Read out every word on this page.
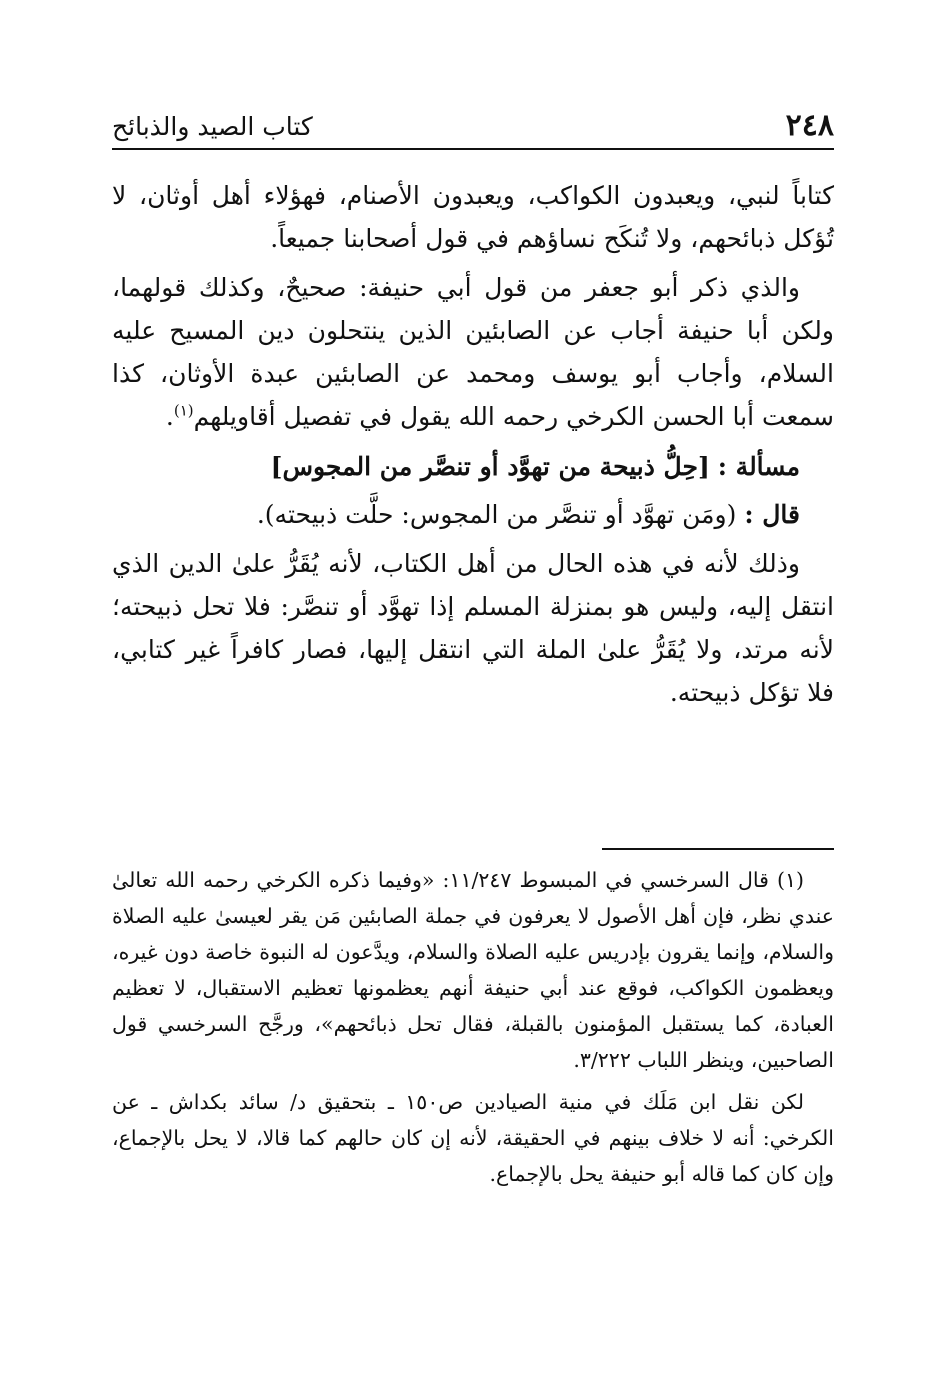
٢٤٨
كتاب الصيد والذبائح

كتاباً لنبي، ويعبدون الكواكب، ويعبدون الأصنام، فهؤلاء أهل أوثان، لا تُؤكل ذبائحهم، ولا تُنكَح نساؤهم في قول أصحابنا جميعاً.

والذي ذكر أبو جعفر من قول أبي حنيفة: صحيحٌ، وكذلك قولهما، ولكن أبا حنيفة أجاب عن الصابئين الذين ينتحلون دين المسيح عليه السلام، وأجاب أبو يوسف ومحمد عن الصابئين عبدة الأوثان، كذا سمعت أبا الحسن الكرخي رحمه الله يقول في تفصيل أقاويلهم$^{(١)}$.

مسألة : [حِلُّ ذبيحة من تهوَّد أو تنصَّر من المجوس]

قال : (ومَن تهوَّد أو تنصَّر من المجوس: حلَّت ذبيحته).

وذلك لأنه في هذه الحال من أهل الكتاب، لأنه يُقَرُّ علىٰ الدين الذي انتقل إليه، وليس هو بمنزلة المسلم إذا تهوَّد أو تنصَّر: فلا تحل ذبيحته؛ لأنه مرتد، ولا يُقَرُّ علىٰ الملة التي انتقل إليها، فصار كافراً غير كتابي، فلا تؤكل ذبيحته.

(١) قال السرخسي في المبسوط ١١/٢٤٧: «وفيما ذكره الكرخي رحمه الله تعالىٰ عندي نظر، فإن أهل الأصول لا يعرفون في جملة الصابئين مَن يقر لعيسىٰ عليه الصلاة والسلام، وإنما يقرون بإدريس عليه الصلاة والسلام، ويدَّعون له النبوة خاصة دون غيره، ويعظمون الكواكب، فوقع عند أبي حنيفة أنهم يعظمونها تعظيم الاستقبال، لا تعظيم العبادة، كما يستقبل المؤمنون بالقبلة، فقال تحل ذبائحهم»، ورجَّح السرخسي قول الصاحبين، وينظر اللباب ٣/٢٢٢.

لكن نقل ابن مَلَك في منية الصيادين ص١٥٠ ـ بتحقيق د/ سائد بكداش ـ عن الكرخي: أنه لا خلاف بينهم في الحقيقة، لأنه إن كان حالهم كما قالا، لا يحل بالإجماع، وإن كان كما قاله أبو حنيفة يحل بالإجماع.
